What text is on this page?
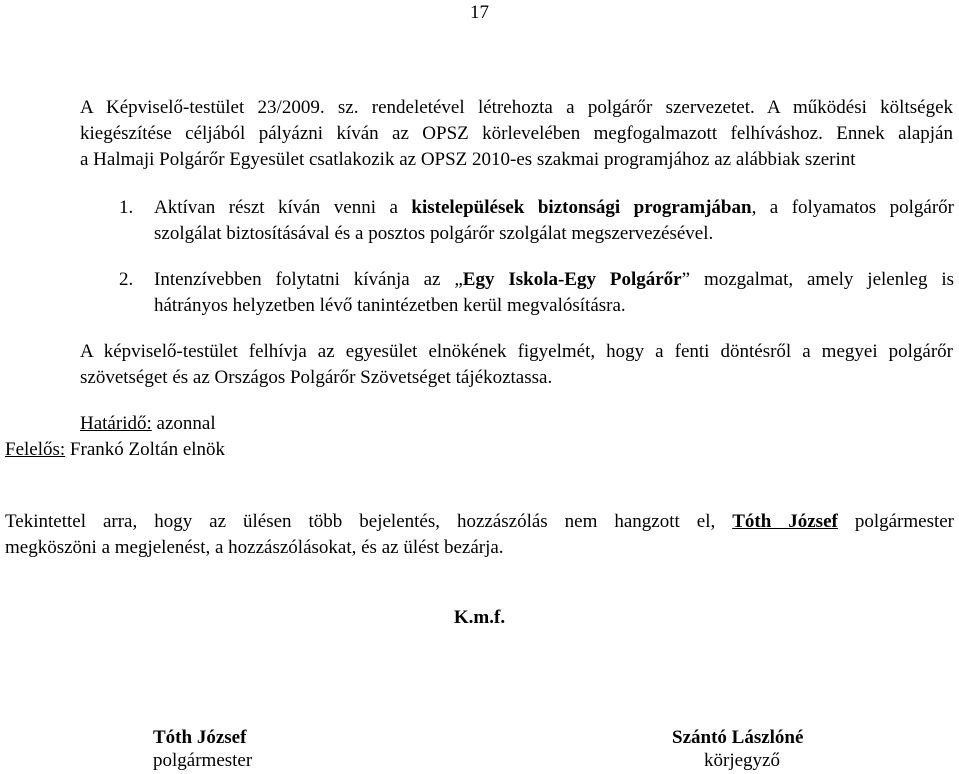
17
A Képviselő-testület 23/2009. sz. rendeletével létrehozta a polgárőr szervezetet. A működési költségek
kiegészítése céljából pályázni kíván az OPSZ körlevelében megfogalmazott felhíváshoz. Ennek alapján
a Halmaji Polgárőr Egyesület csatlakozik az OPSZ 2010-es szakmai programjához az alábbiak szerint
1. Aktívan részt kíván venni a kistelepülések biztonsági programjában, a folyamatos polgárőr
szolgálat biztosításával és a posztos polgárőr szolgálat megszervezésével.
2. Intenzívebben folytatni kívánja az „Egy Iskola-Egy Polgárőr” mozgalmat, amely jelenleg is
hátrányos helyzetben lévő tanintézetben kerül megvalósításra.
A képviselő-testület felhívja az egyesület elnökének figyelmét, hogy a fenti döntésről a megyei polgárőr
szövetséget és az Országos Polgárőr Szövetséget tájékoztassa.
Határidő: azonnal
Felelős: Frankó Zoltán elnök
Tekintettel arra, hogy az ülésen több bejelentés, hozzászólás nem hangzott el, Tóth József polgármester
megköszöni a megjelenést, a hozzászólásokat, és az ülést bezárja.
K.m.f.
Tóth József
polgármester
Szántó Lászlóné
körjegyző
